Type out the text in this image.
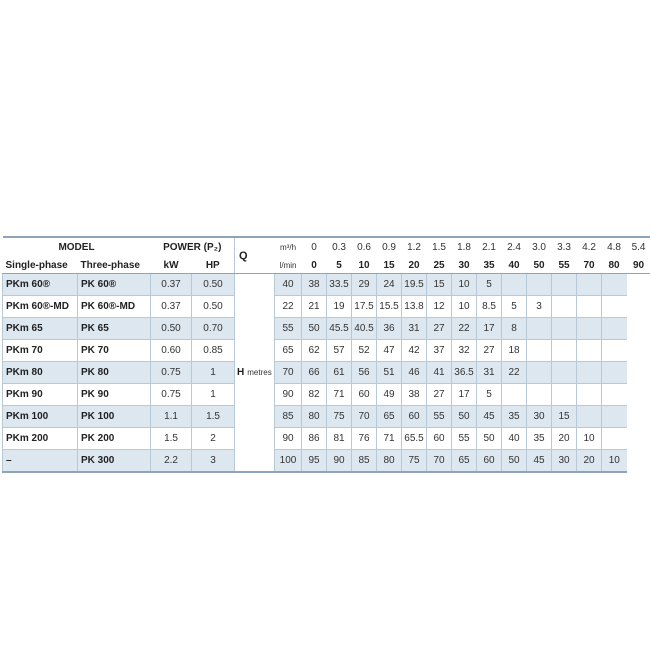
MODEL		POWER (P₂)		Q	m³/h	0	0.3	0.6	0.9	1.2	1.5	1.8	2.1	2.4	3.0	3.3	4.2	4.8	5.4
Single-phase	Three-phase	kW	HP		l/min	0	5	10	15	20	25	30	35	40	50	55	70	80	90
PKm 60®	PK 60®	0.37	0.50	H metres	40	38	33.5	29	24	19.5	15	10	5						
PKm 60®-MD	PK 60®-MD	0.37	0.50		22	21	19	17.5	15.5	13.8	12	10	8.5	5	3				
PKm 65	PK 65	0.50	0.70		55	50	45.5	40.5	36	31	27	22	17	8					
PKm 70	PK 70	0.60	0.85		65	62	57	52	47	42	37	32	27	18					
PKm 80	PK 80	0.75	1		70	66	61	56	51	46	41	36.5	31	22					
PKm 90	PK 90	0.75	1		90	82	71	60	49	38	27	17	5						
PKm 100	PK 100	1.1	1.5		85	80	75	70	65	60	55	50	45	35	30	15			
PKm 200	PK 200	1.5	2		90	86	81	76	71	65.5	60	55	50	40	35	20	10		
–	PK 300	2.2	3		100	95	90	85	80	75	70	65	60	50	45	30	20	10	
